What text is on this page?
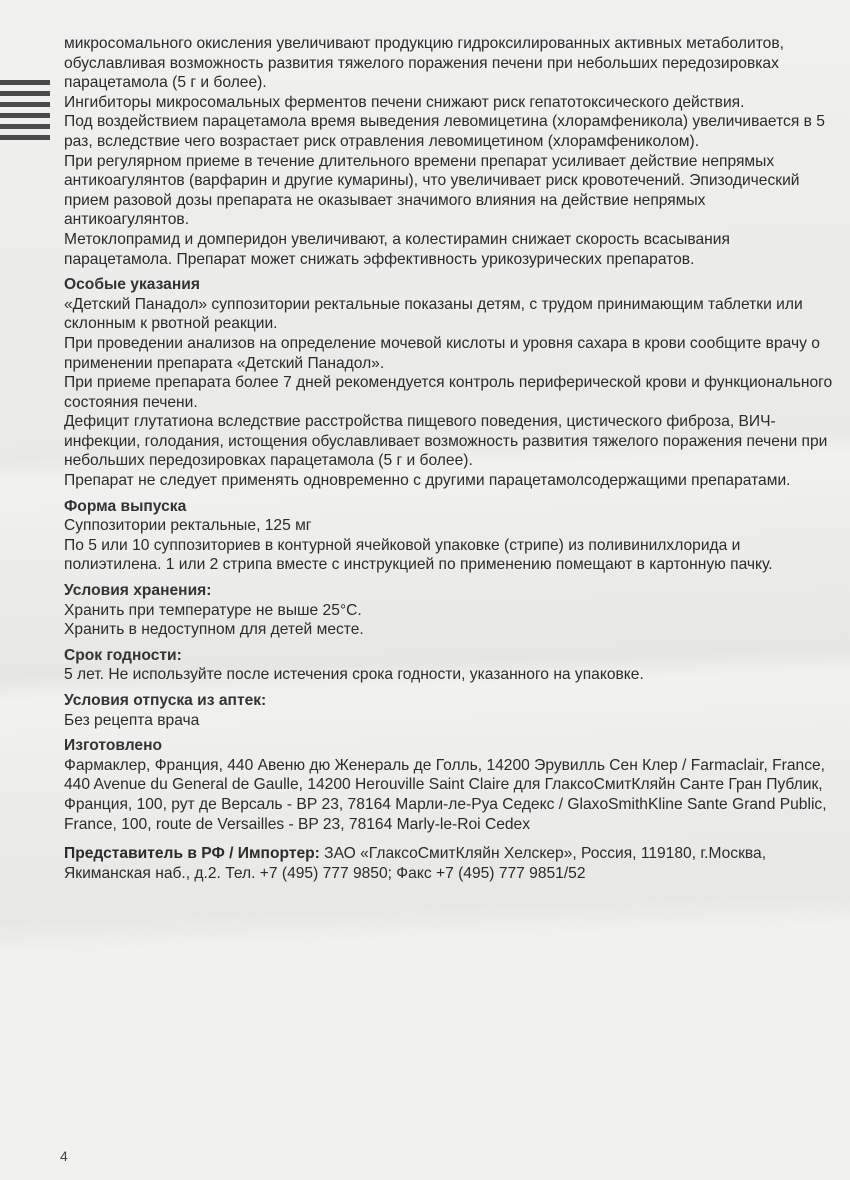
микросомального окисления увеличивают продукцию гидроксилированных активных метаболитов, обуславливая возможность развития тяжелого поражения печени при небольших передозировках парацетамола (5 г и более).

Ингибиторы микросомальных ферментов печени снижают риск гепатотоксического действия.

Под воздействием парацетамола время выведения левомицетина (хлорамфеникола) увеличивается в 5 раз, вследствие чего возрастает риск отравления левомицетином (хлорамфениколом).

При регулярном приеме в течение длительного времени препарат усиливает действие непрямых антикоагулянтов (варфарин и другие кумарины), что увеличивает риск кровотечений. Эпизодический прием разовой дозы препарата не оказывает значимого влияния на действие непрямых антикоагулянтов.

Метоклопрамид и домперидон увеличивают, а колестирамин снижает скорость всасывания парацетамола. Препарат может снижать эффективность урикозурических препаратов.

Особые указания

«Детский Панадол» суппозитории ректальные показаны детям, с трудом принимающим таблетки или склонным к рвотной реакции.

При проведении анализов на определение мочевой кислоты и уровня сахара в крови сообщите врачу о применении препарата «Детский Панадол».

При приеме препарата более 7 дней рекомендуется контроль периферической крови и функционального состояния печени.

Дефицит глутатиона вследствие расстройства пищевого поведения, цистического фиброза, ВИЧ-инфекции, голодания, истощения обуславливает возможность развития тяжелого поражения печени при небольших передозировках парацетамола (5 г и более).

Препарат не следует применять одновременно с другими парацетамолсодержащими препаратами.

Форма выпуска

Суппозитории ректальные, 125 мг

По 5 или 10 суппозиториев в контурной ячейковой упаковке (стрипе) из поливинилхлорида и полиэтилена. 1 или 2 стрипа вместе с инструкцией по применению помещают в картонную пачку.

Условия хранения:

Хранить при температуре не выше 25°C.

Хранить в недоступном для детей месте.

Срок годности:

5 лет. Не используйте после истечения срока годности, указанного на упаковке.

Условия отпуска из аптек:

Без рецепта врача

Изготовлено

Фармаклер, Франция, 440 Авеню дю Женераль де Голль, 14200 Эрувилль Сен Клер / Farmaclair, France, 440 Avenue du General de Gaulle, 14200 Herouville Saint Claire для ГлаксоСмитКляйн Санте Гран Публик, Франция, 100, рут де Версаль - ВР 23, 78164 Марли-ле-Руа Седекс / GlaxoSmithKline Sante Grand Public, France, 100, route de Versailles - BP 23, 78164 Marly-le-Roi Cedex

Представитель в РФ / Импортер: ЗАО «ГлаксоСмитКляйн Хелскер», Россия, 119180, г.Москва, Якиманская наб., д.2. Тел. +7 (495) 777 9850; Факс +7 (495) 777 9851/52

4
